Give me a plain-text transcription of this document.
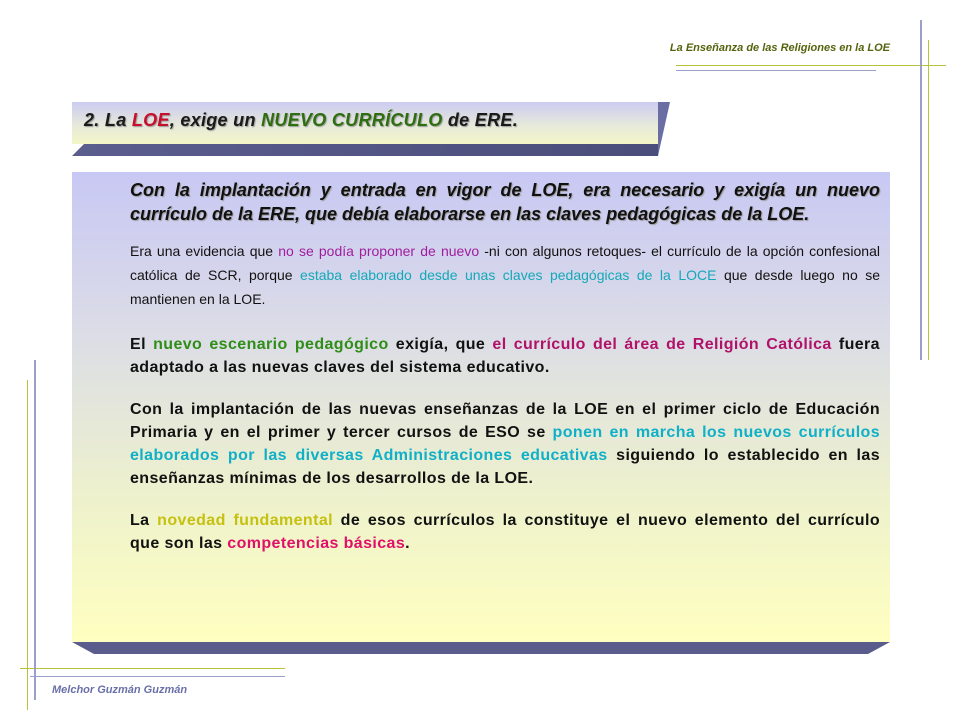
La Enseñanza de las Religiones en la LOE
2. La LOE, exige un NUEVO CURRÍCULO de ERE.

Con la implantación y entrada en vigor de LOE, era necesario y exigía un nuevo currículo de la ERE, que debía elaborarse en las claves pedagógicas de la LOE.

Era una evidencia que no se podía proponer de nuevo -ni con algunos retoques- el currículo de la opción confesional católica de SCR, porque estaba elaborado desde unas claves pedagógicas de la LOCE que desde luego no se mantienen en la LOE.

El nuevo escenario pedagógico exigía, que el currículo del área de Religión Católica fuera adaptado a las nuevas claves del sistema educativo.

Con la implantación de las nuevas enseñanzas de la LOE en el primer ciclo de Educación Primaria y en el primer y tercer cursos de ESO se ponen en marcha los nuevos currículos elaborados por las diversas Administraciones educativas siguiendo lo establecido en las enseñanzas mínimas de los desarrollos de la LOE.

La novedad fundamental de esos currículos la constituye el nuevo elemento del currículo que son las competencias básicas.

Melchor Guzmán Guzmán
